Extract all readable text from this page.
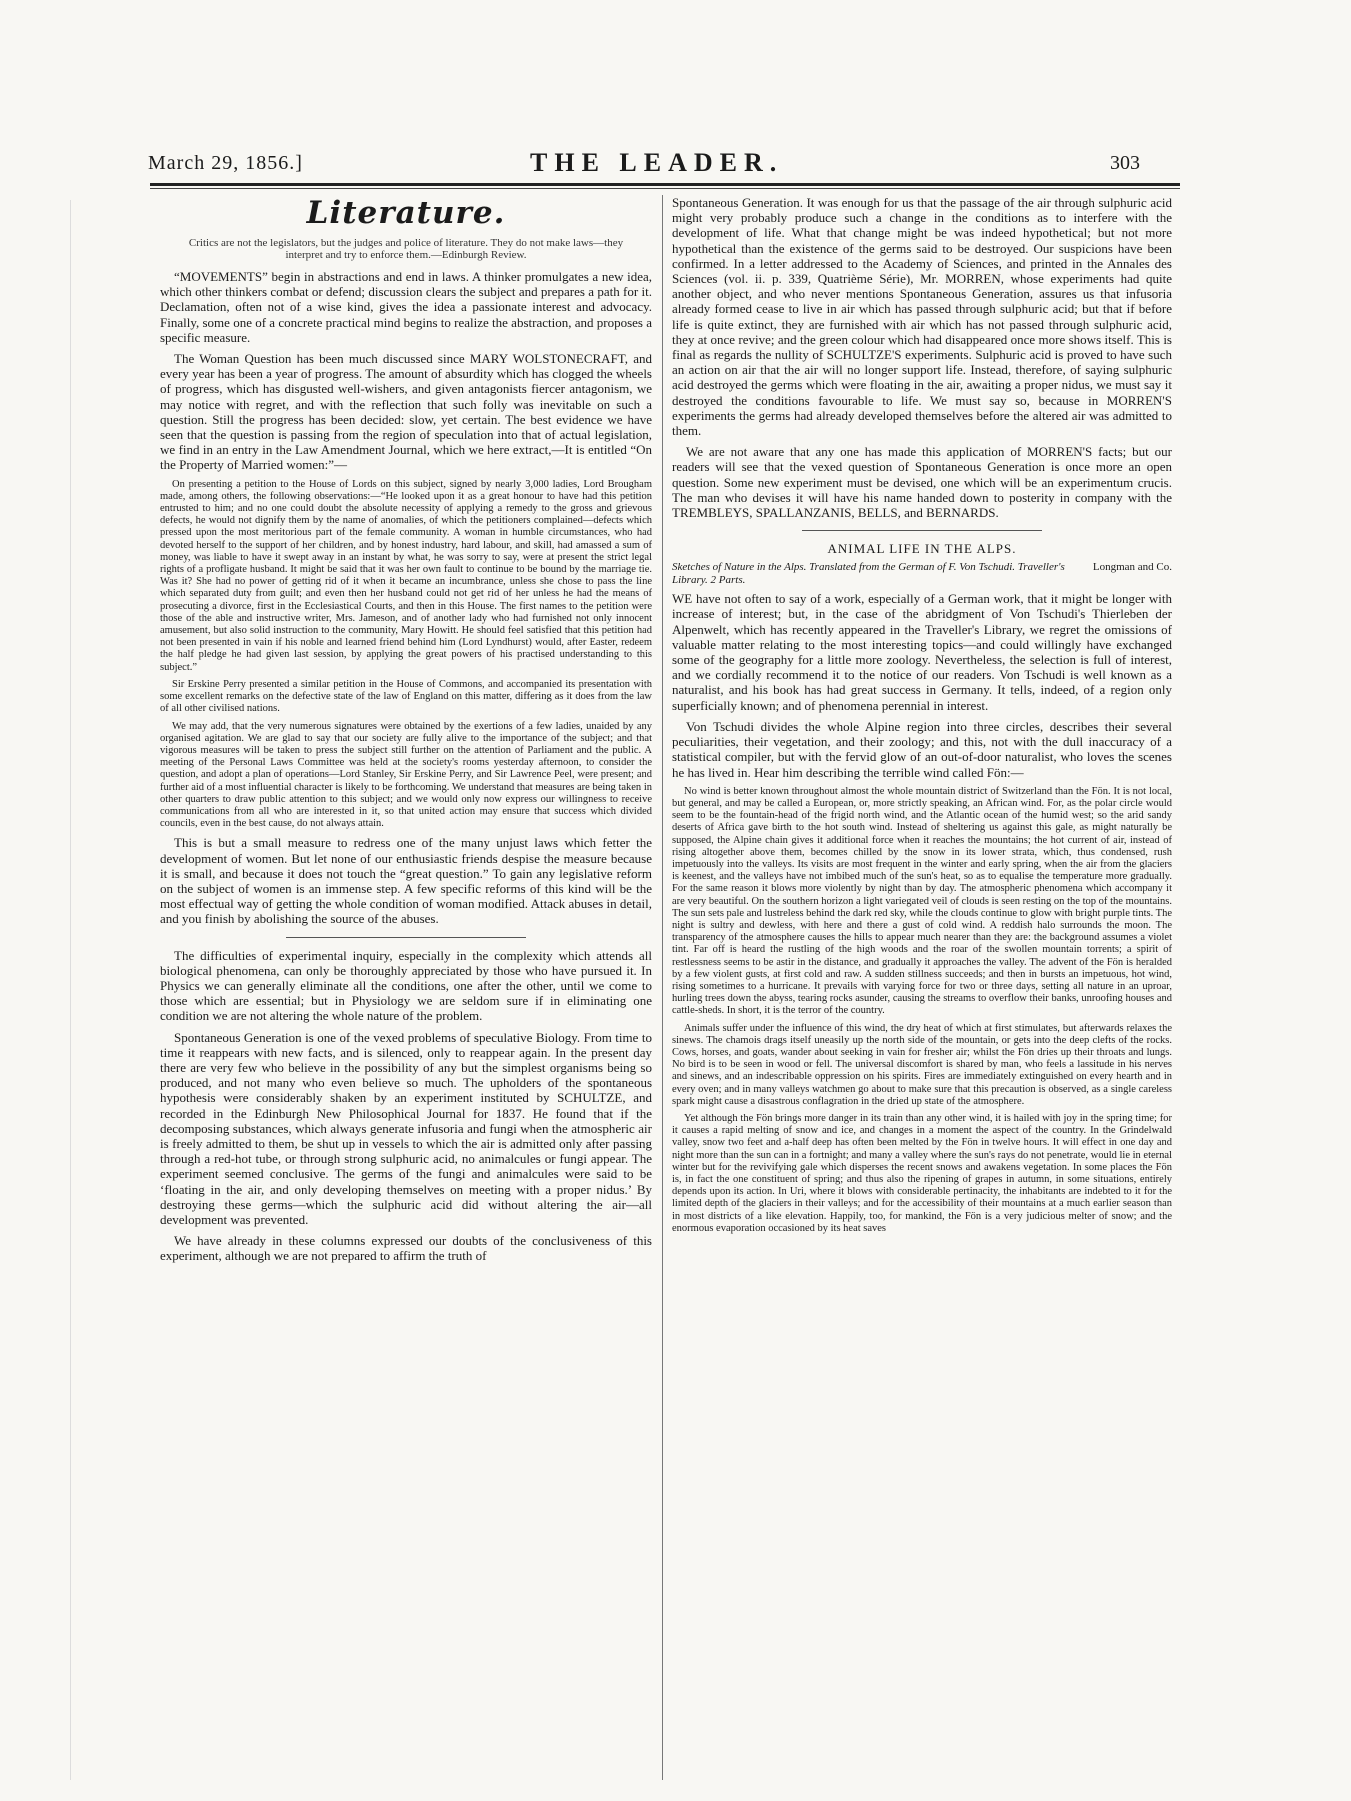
March 29, 1856.]	THE LEADER.	303
Literature.
Critics are not the legislators, but the judges and police of literature. They do not make laws—they interpret and try to enforce them.—Edinburgh Review.

“MOVEMENTS” begin in abstractions and end in laws. A thinker promulgates a new idea, which other thinkers combat or defend; discussion clears the subject and prepares a path for it. Declamation, often not of a wise kind, gives the idea a passionate interest and advocacy. Finally, some one of a concrete practical mind begins to realize the abstraction, and proposes a specific measure.

The Woman Question has been much discussed since MARY WOLSTONECRAFT, and every year has been a year of progress. The amount of absurdity which has clogged the wheels of progress, which has disgusted well-wishers, and given antagonists fiercer antagonism, we may notice with regret, and with the reflection that such folly was inevitable on such a question. Still the progress has been decided: slow, yet certain. The best evidence we have seen that the question is passing from the region of speculation into that of actual legislation, we find in an entry in the Law Amendment Journal, which we here extract,—It is entitled “On the Property of Married women:”—

On presenting a petition to the House of Lords on this subject, signed by nearly 3,000 ladies, Lord Brougham made, among others, the following observations:—“He looked upon it as a great honour to have had this petition entrusted to him; and no one could doubt the absolute necessity of applying a remedy to the gross and grievous defects, he would not dignify them by the name of anomalies, of which the petitioners complained—defects which pressed upon the most meritorious part of the female community. A woman in humble circumstances, who had devoted herself to the support of her children, and by honest industry, hard labour, and skill, had amassed a sum of money, was liable to have it swept away in an instant by what, he was sorry to say, were at present the strict legal rights of a profligate husband. It might be said that it was her own fault to continue to be bound by the marriage tie. Was it? She had no power of getting rid of it when it became an incumbrance, unless she chose to pass the line which separated duty from guilt; and even then her husband could not get rid of her unless he had the means of prosecuting a divorce, first in the Ecclesiastical Courts, and then in this House. The first names to the petition were those of the able and instructive writer, Mrs. Jameson, and of another lady who had furnished not only innocent amusement, but also solid instruction to the community, Mary Howitt. He should feel satisfied that this petition had not been presented in vain if his noble and learned friend behind him (Lord Lyndhurst) would, after Easter, redeem the half pledge he had given last session, by applying the great powers of his practised understanding to this subject.”

Sir Erskine Perry presented a similar petition in the House of Commons, and accompanied its presentation with some excellent remarks on the defective state of the law of England on this matter, differing as it does from the law of all other civilised nations.

We may add, that the very numerous signatures were obtained by the exertions of a few ladies, unaided by any organised agitation. We are glad to say that our society are fully alive to the importance of the subject; and that vigorous measures will be taken to press the subject still further on the attention of Parliament and the public. A meeting of the Personal Laws Committee was held at the society's rooms yesterday afternoon, to consider the question, and adopt a plan of operations—Lord Stanley, Sir Erskine Perry, and Sir Lawrence Peel, were present; and further aid of a most influential character is likely to be forthcoming. We understand that measures are being taken in other quarters to draw public attention to this subject; and we would only now express our willingness to receive communications from all who are interested in it, so that united action may ensure that success which divided councils, even in the best cause, do not always attain.

This is but a small measure to redress one of the many unjust laws which fetter the development of women. But let none of our enthusiastic friends despise the measure because it is small, and because it does not touch the “great question.” To gain any legislative reform on the subject of women is an immense step. A few specific reforms of this kind will be the most effectual way of getting the whole condition of woman modified. Attack abuses in detail, and you finish by abolishing the source of the abuses.

The difficulties of experimental inquiry, especially in the complexity which attends all biological phenomena, can only be thoroughly appreciated by those who have pursued it. In Physics we can generally eliminate all the conditions, one after the other, until we come to those which are essential; but in Physiology we are seldom sure if in eliminating one condition we are not altering the whole nature of the problem.

Spontaneous Generation is one of the vexed problems of speculative Biology. From time to time it reappears with new facts, and is silenced, only to reappear again. In the present day there are very few who believe in the possibility of any but the simplest organisms being so produced, and not many who even believe so much. The upholders of the spontaneous hypothesis were considerably shaken by an experiment instituted by SCHULTZE, and recorded in the Edinburgh New Philosophical Journal for 1837. He found that if the decomposing substances, which always generate infusoria and fungi when the atmospheric air is freely admitted to them, be shut up in vessels to which the air is admitted only after passing through a red-hot tube, or through strong sulphuric acid, no animalcules or fungi appear. The experiment seemed conclusive. The germs of the fungi and animalcules were said to be ‘floating in the air, and only developing themselves on meeting with a proper nidus.’ By destroying these germs—which the sulphuric acid did without altering the air—all development was prevented.

We have already in these columns expressed our doubts of the conclusiveness of this experiment, although we are not prepared to affirm the truth of

Spontaneous Generation. It was enough for us that the passage of the air through sulphuric acid might very probably produce such a change in the conditions as to interfere with the development of life. What that change might be was indeed hypothetical; but not more hypothetical than the existence of the germs said to be destroyed. Our suspicions have been confirmed. In a letter addressed to the Academy of Sciences, and printed in the Annales des Sciences (vol. ii. p. 339, Quatrième Série), Mr. MORREN, whose experiments had quite another object, and who never mentions Spontaneous Generation, assures us that infusoria already formed cease to live in air which has passed through sulphuric acid; but that if before life is quite extinct, they are furnished with air which has not passed through sulphuric acid, they at once revive; and the green colour which had disappeared once more shows itself. This is final as regards the nullity of SCHULTZE'S experiments. Sulphuric acid is proved to have such an action on air that the air will no longer support life. Instead, therefore, of saying sulphuric acid destroyed the germs which were floating in the air, awaiting a proper nidus, we must say it destroyed the conditions favourable to life. We must say so, because in MORREN'S experiments the germs had already developed themselves before the altered air was admitted to them.

We are not aware that any one has made this application of MORREN'S facts; but our readers will see that the vexed question of Spontaneous Generation is once more an open question. Some new experiment must be devised, one which will be an experimentum crucis. The man who devises it will have his name handed down to posterity in company with the TREMBLEYS, SPALLANZANIS, BELLS, and BERNARDS.

ANIMAL LIFE IN THE ALPS.
Longman and Co.
Sketches of Nature in the Alps. Translated from the German of F. Von Tschudi. Traveller's Library. 2 Parts.

WE have not often to say of a work, especially of a German work, that it might be longer with increase of interest; but, in the case of the abridgment of Von Tschudi's Thierleben der Alpenwelt, which has recently appeared in the Traveller's Library, we regret the omissions of valuable matter relating to the most interesting topics—and could willingly have exchanged some of the geography for a little more zoology. Nevertheless, the selection is full of interest, and we cordially recommend it to the notice of our readers. Von Tschudi is well known as a naturalist, and his book has had great success in Germany. It tells, indeed, of a region only superficially known; and of phenomena perennial in interest.

Von Tschudi divides the whole Alpine region into three circles, describes their several peculiarities, their vegetation, and their zoology; and this, not with the dull inaccuracy of a statistical compiler, but with the fervid glow of an out-of-door naturalist, who loves the scenes he has lived in. Hear him describing the terrible wind called Fön:—

No wind is better known throughout almost the whole mountain district of Switzerland than the Fön. It is not local, but general, and may be called a European, or, more strictly speaking, an African wind. For, as the polar circle would seem to be the fountain-head of the frigid north wind, and the Atlantic ocean of the humid west; so the arid sandy deserts of Africa gave birth to the hot south wind. Instead of sheltering us against this gale, as might naturally be supposed, the Alpine chain gives it additional force when it reaches the mountains; the hot current of air, instead of rising altogether above them, becomes chilled by the snow in its lower strata, which, thus condensed, rush impetuously into the valleys. Its visits are most frequent in the winter and early spring, when the air from the glaciers is keenest, and the valleys have not imbibed much of the sun's heat, so as to equalise the temperature more gradually. For the same reason it blows more violently by night than by day. The atmospheric phenomena which accompany it are very beautiful. On the southern horizon a light variegated veil of clouds is seen resting on the top of the mountains. The sun sets pale and lustreless behind the dark red sky, while the clouds continue to glow with bright purple tints. The night is sultry and dewless, with here and there a gust of cold wind. A reddish halo surrounds the moon. The transparency of the atmosphere causes the hills to appear much nearer than they are: the background assumes a violet tint. Far off is heard the rustling of the high woods and the roar of the swollen mountain torrents; a spirit of restlessness seems to be astir in the distance, and gradually it approaches the valley. The advent of the Fön is heralded by a few violent gusts, at first cold and raw. A sudden stillness succeeds; and then in bursts an impetuous, hot wind, rising sometimes to a hurricane. It prevails with varying force for two or three days, setting all nature in an uproar, hurling trees down the abyss, tearing rocks asunder, causing the streams to overflow their banks, unroofing houses and cattle-sheds. In short, it is the terror of the country.

Animals suffer under the influence of this wind, the dry heat of which at first stimulates, but afterwards relaxes the sinews. The chamois drags itself uneasily up the north side of the mountain, or gets into the deep clefts of the rocks. Cows, horses, and goats, wander about seeking in vain for fresher air; whilst the Fön dries up their throats and lungs. No bird is to be seen in wood or fell. The universal discomfort is shared by man, who feels a lassitude in his nerves and sinews, and an indescribable oppression on his spirits. Fires are immediately extinguished on every hearth and in every oven; and in many valleys watchmen go about to make sure that this precaution is observed, as a single careless spark might cause a disastrous conflagration in the dried up state of the atmosphere.

Yet although the Fön brings more danger in its train than any other wind, it is hailed with joy in the spring time; for it causes a rapid melting of snow and ice, and changes in a moment the aspect of the country. In the Grindelwald valley, snow two feet and a-half deep has often been melted by the Fön in twelve hours. It will effect in one day and night more than the sun can in a fortnight; and many a valley where the sun's rays do not penetrate, would lie in eternal winter but for the revivifying gale which disperses the recent snows and awakens vegetation. In some places the Fön is, in fact the one constituent of spring; and thus also the ripening of grapes in autumn, in some situations, entirely depends upon its action. In Uri, where it blows with considerable pertinacity, the inhabitants are indebted to it for the limited depth of the glaciers in their valleys; and for the accessibility of their mountains at a much earlier season than in most districts of a like elevation. Happily, too, for mankind, the Fön is a very judicious melter of snow; and the enormous evaporation occasioned by its heat saves
